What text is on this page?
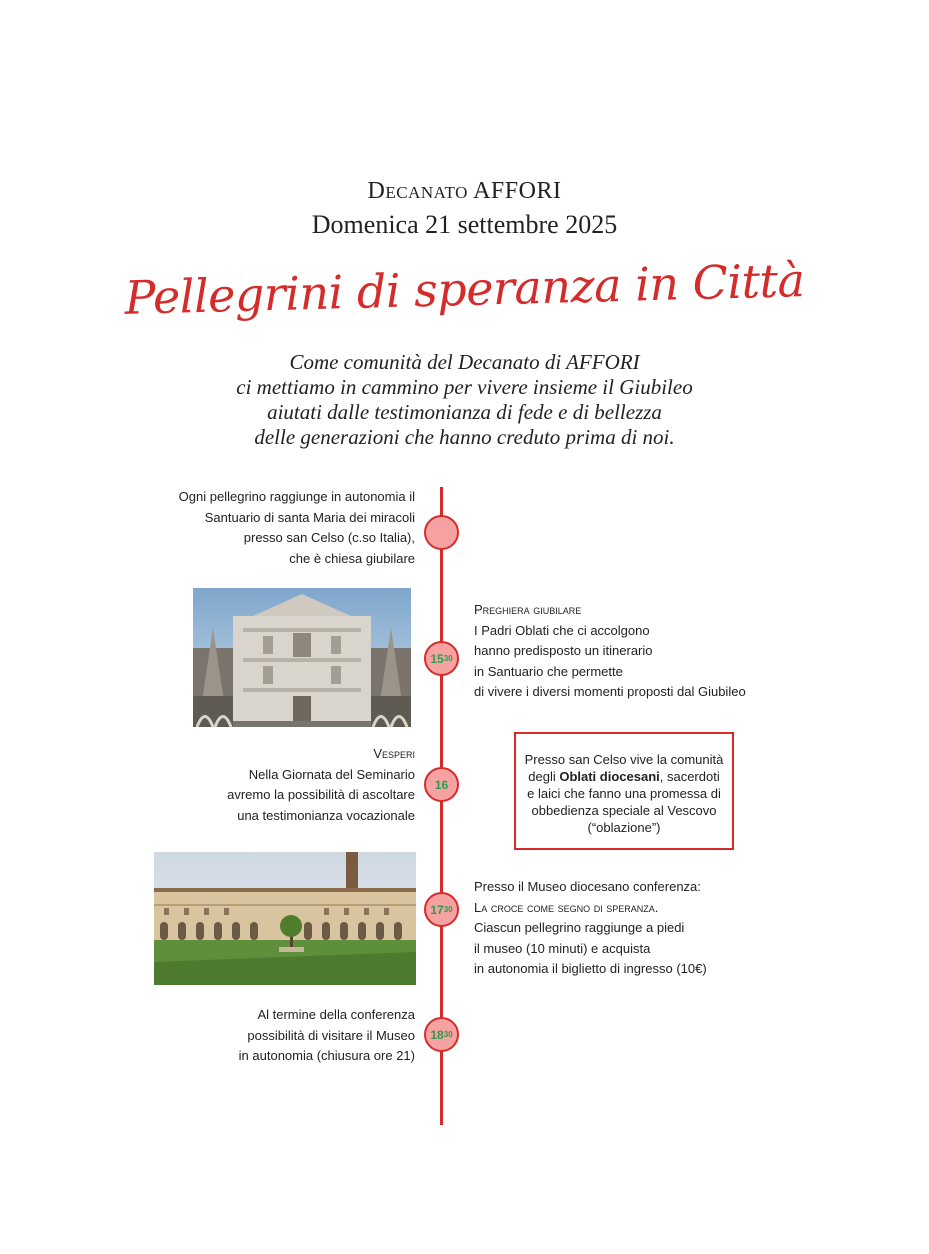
Decanato AFFORI
Domenica 21 settembre 2025
Pellegrini di speranza in Città
Come comunità del Decanato di AFFORI
ci mettiamo in cammino per vivere insieme il Giubileo
aiutati dalle testimonianza di fede e di bellezza
delle generazioni che hanno creduto prima di noi.
Ogni pellegrino raggiunge in autonomia il
Santuario di santa Maria dei miracoli
presso san Celso (c.so Italia),
che è chiesa giubilare
15 30
Preghiera giubilare
I Padri Oblati che ci accolgono
hanno predisposto un itinerario
in Santuario che permette
di vivere i diversi momenti proposti dal Giubileo
Vesperi
Nella Giornata del Seminario
avremo la possibilità di ascoltare
una testimonianza vocazionale
16
Presso san Celso vive la comunità
degli Oblati diocesani, sacerdoti
e laici che fanno una promessa di
obbedienza speciale al Vescovo
(“oblazione”)
17 30
Presso il Museo diocesano conferenza:
La croce come segno di speranza.
Ciascun pellegrino raggiunge a piedi
il museo (10 minuti) e acquista
in autonomia il biglietto di ingresso (10€)
Al termine della conferenza
possibilità di visitare il Museo
in autonomia (chiusura ore 21)
18 30
